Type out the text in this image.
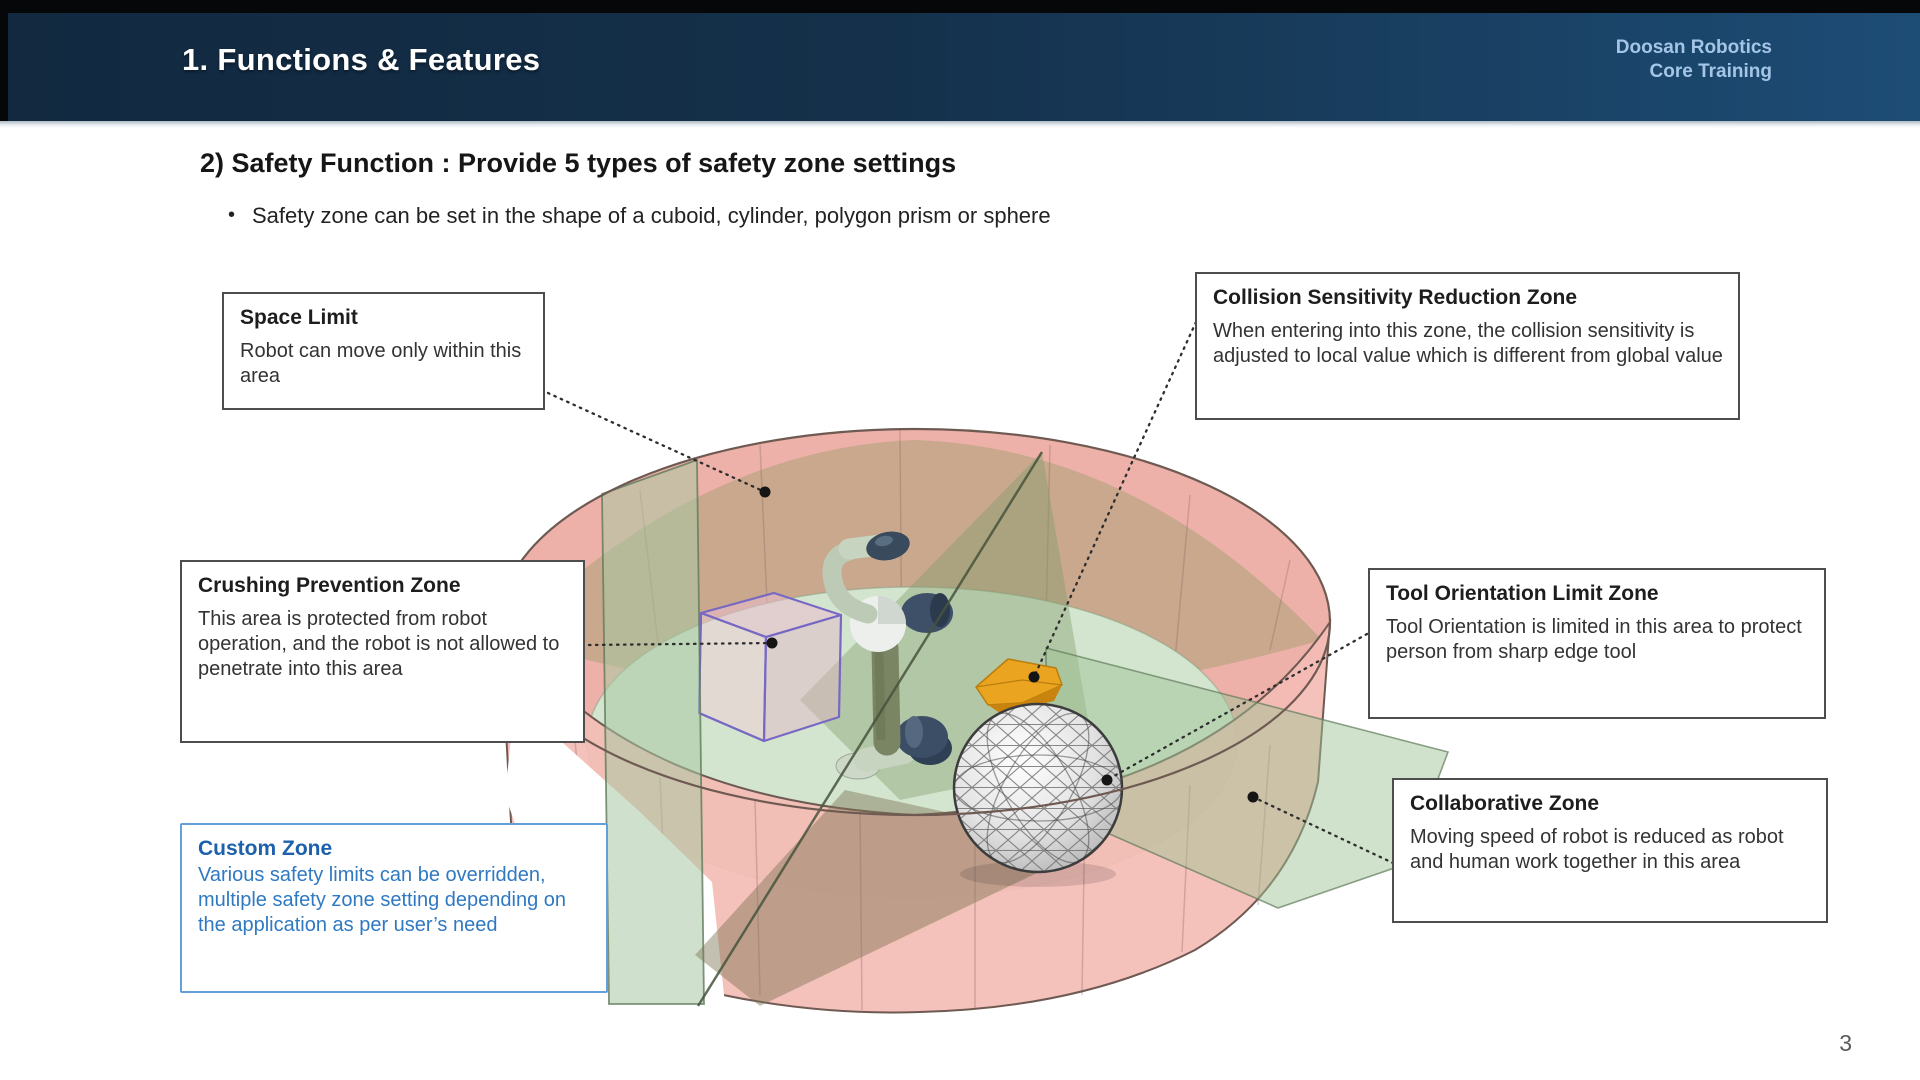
1. Functions & Features	Doosan Robotics
Core Training
2) Safety Function : Provide 5 types of safety zone settings
• Safety zone can be set in the shape of a cuboid, cylinder, polygon prism or sphere
Space Limit
Robot can move only within this area
Collision Sensitivity Reduction Zone
When entering into this zone, the collision sensitivity is adjusted to local value which is different from global value
Crushing Prevention Zone
This area is protected from robot operation, and the robot is not allowed to penetrate into this area
Tool Orientation Limit Zone
Tool Orientation is limited in this area to protect person from sharp edge tool
Collaborative Zone
Moving speed of robot is reduced as robot and human work together in this area
Custom Zone
Various safety limits can be overridden, multiple safety zone setting depending on the application as per user’s need
3
